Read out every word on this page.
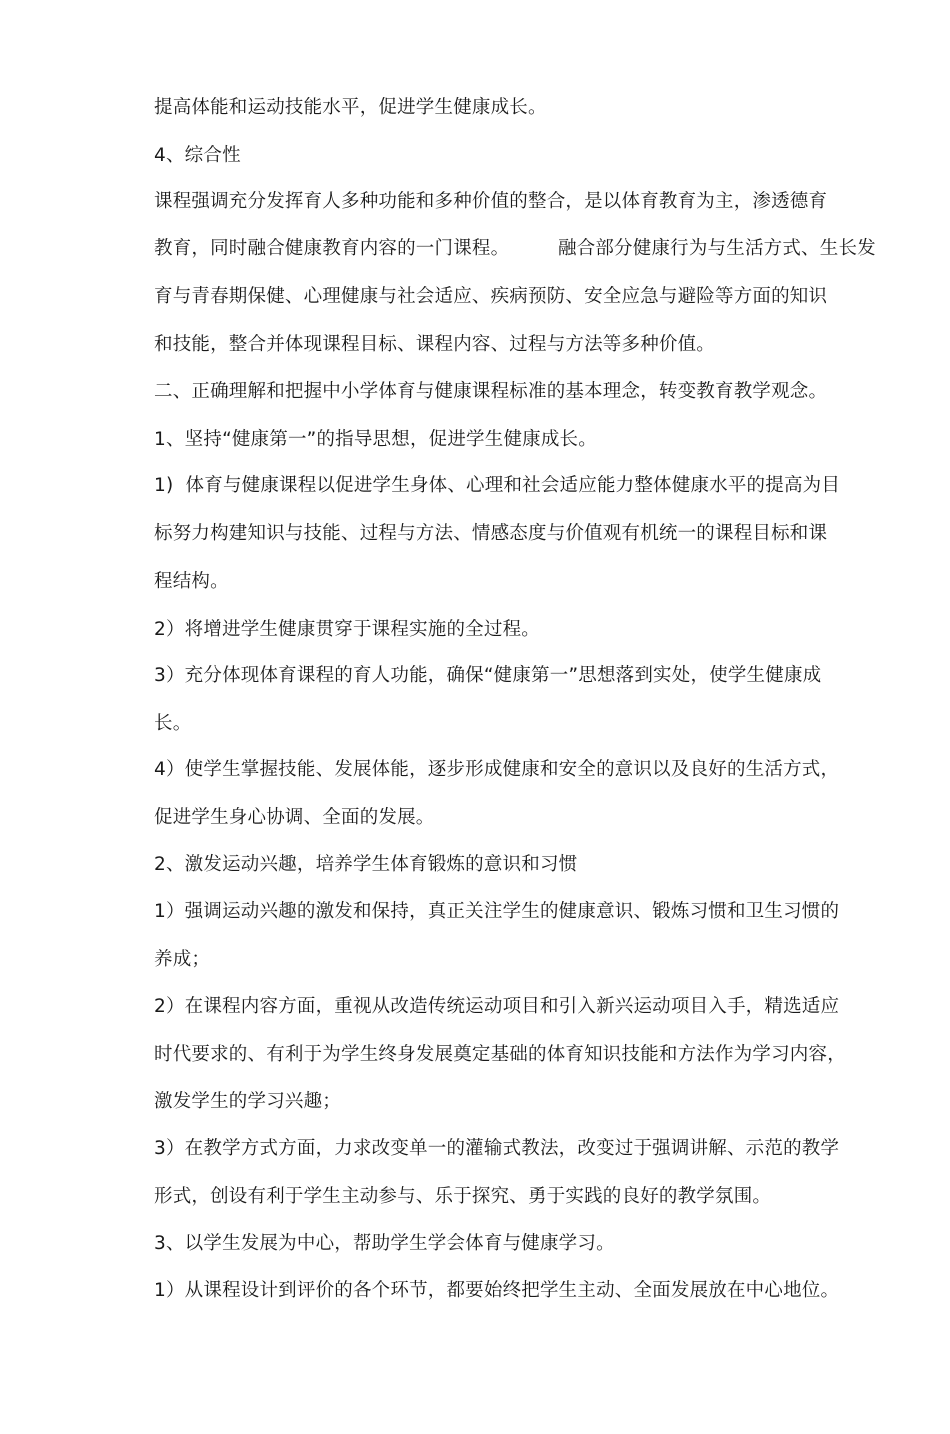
提高体能和运动技能水平，促进学生健康成长。
4、综合性
课程强调充分发挥育人多种功能和多种价值的整合，是以体育教育为主，渗透德育
教育，同时融合健康教育内容的一门课程。        融合部分健康行为与生活方式、生长发
育与青春期保健、心理健康与社会适应、疾病预防、安全应急与避险等方面的知识
和技能，整合并体现课程目标、课程内容、过程与方法等多种价值。
二、正确理解和把握中小学体育与健康课程标准的基本理念，转变教育教学观念。
1、坚持“健康第一”的指导思想，促进学生健康成长。
1)  体育与健康课程以促进学生身体、心理和社会适应能力整体健康水平的提高为目
标努力构建知识与技能、过程与方法、情感态度与价值观有机统一的课程目标和课
程结构。
2）将增进学生健康贯穿于课程实施的全过程。
3）充分体现体育课程的育人功能，确保“健康第一”思想落到实处，使学生健康成
长。
4）使学生掌握技能、发展体能，逐步形成健康和安全的意识以及良好的生活方式，
促进学生身心协调、全面的发展。
2、激发运动兴趣，培养学生体育锻炼的意识和习惯
1）强调运动兴趣的激发和保持，真正关注学生的健康意识、锻炼习惯和卫生习惯的
养成；
2）在课程内容方面，重视从改造传统运动项目和引入新兴运动项目入手，精选适应
时代要求的、有利于为学生终身发展奠定基础的体育知识技能和方法作为学习内容，
激发学生的学习兴趣；
3）在教学方式方面，力求改变单一的灌输式教法，改变过于强调讲解、示范的教学
形式，创设有利于学生主动参与、乐于探究、勇于实践的良好的教学氛围。
3、以学生发展为中心，帮助学生学会体育与健康学习。
1）从课程设计到评价的各个环节，都要始终把学生主动、全面发展放在中心地位。
